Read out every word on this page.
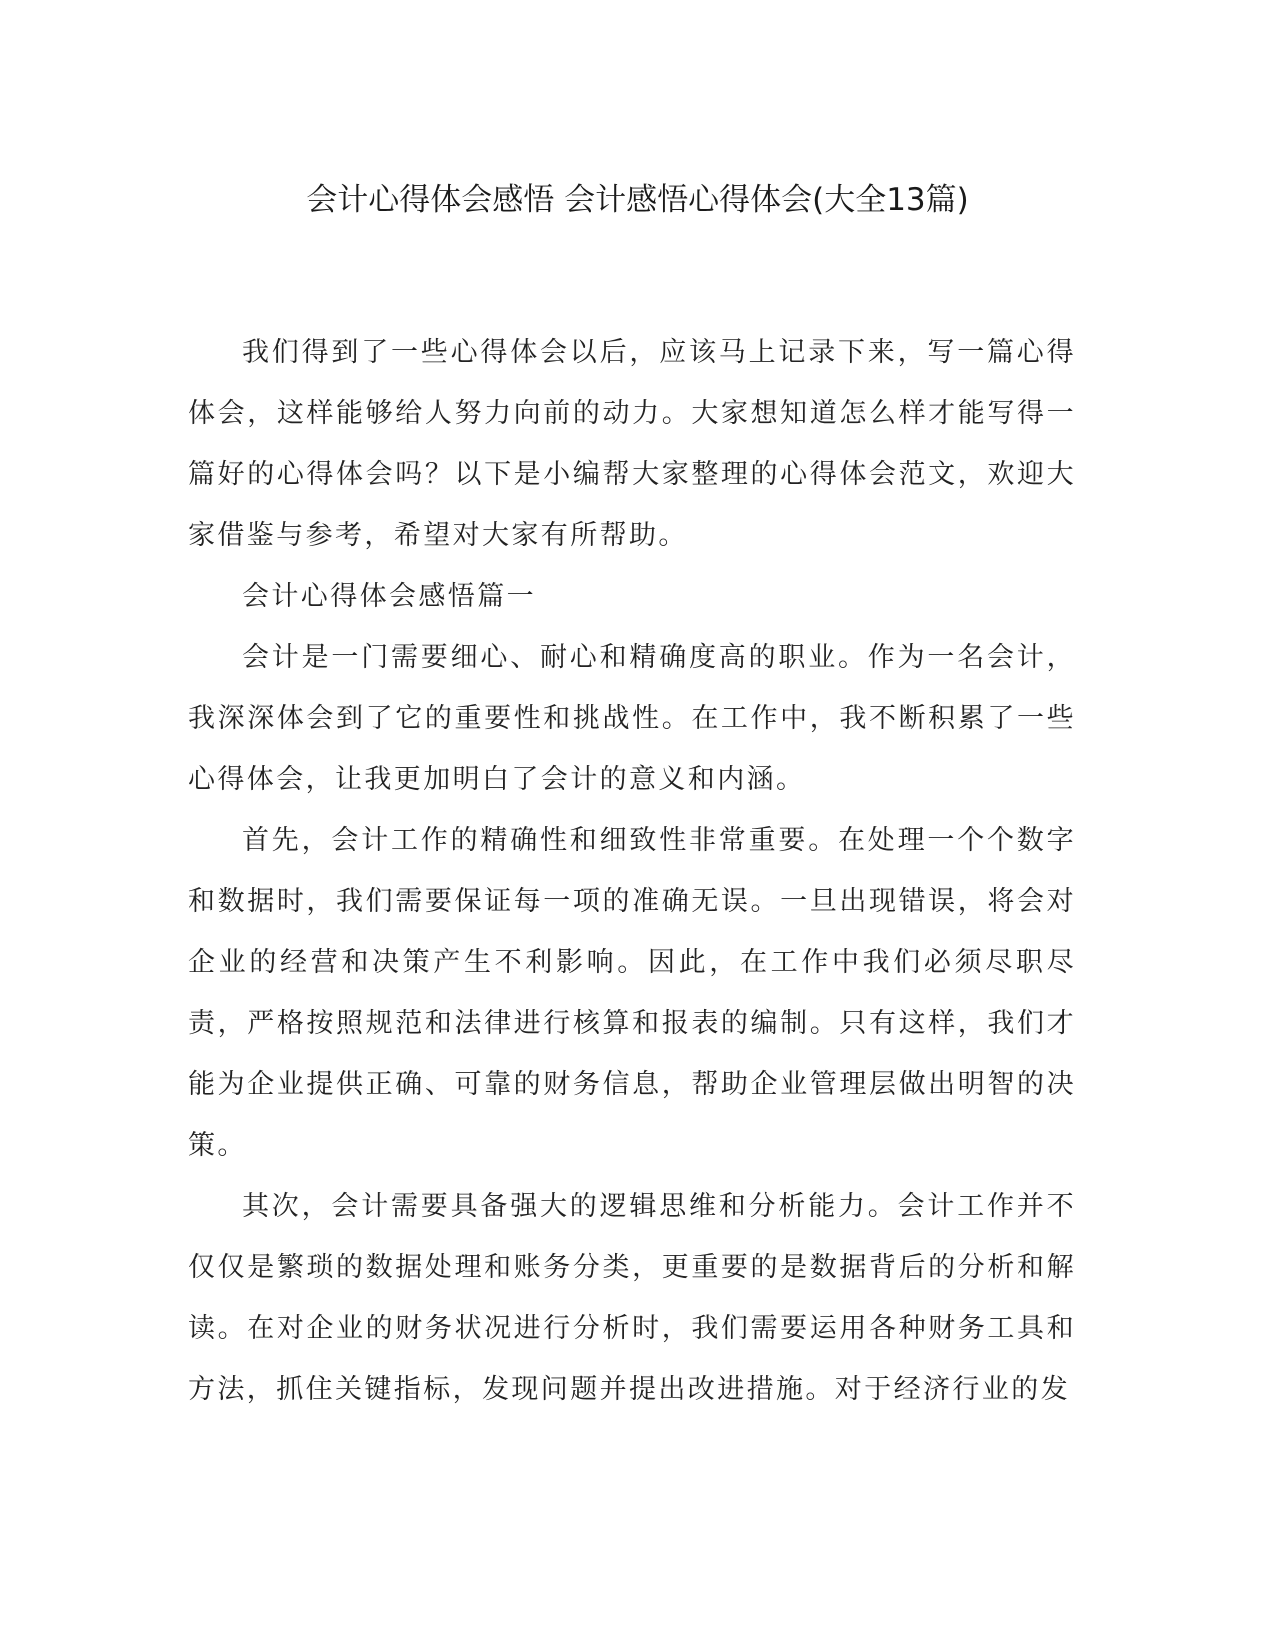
会计心得体会感悟 会计感悟心得体会(大全13篇)

我们得到了一些心得体会以后，应该马上记录下来，写一篇心得体会，这样能够给人努力向前的动力。大家想知道怎么样才能写得一篇好的心得体会吗？以下是小编帮大家整理的心得体会范文，欢迎大家借鉴与参考，希望对大家有所帮助。

会计心得体会感悟篇一

会计是一门需要细心、耐心和精确度高的职业。作为一名会计，我深深体会到了它的重要性和挑战性。在工作中，我不断积累了一些心得体会，让我更加明白了会计的意义和内涵。

首先，会计工作的精确性和细致性非常重要。在处理一个个数字和数据时，我们需要保证每一项的准确无误。一旦出现错误，将会对企业的经营和决策产生不利影响。因此，在工作中我们必须尽职尽责，严格按照规范和法律进行核算和报表的编制。只有这样，我们才能为企业提供正确、可靠的财务信息，帮助企业管理层做出明智的决策。

其次，会计需要具备强大的逻辑思维和分析能力。会计工作并不仅仅是繁琐的数据处理和账务分类，更重要的是数据背后的分析和解读。在对企业的财务状况进行分析时，我们需要运用各种财务工具和方法，抓住关键指标，发现问题并提出改进措施。对于经济行业的发
